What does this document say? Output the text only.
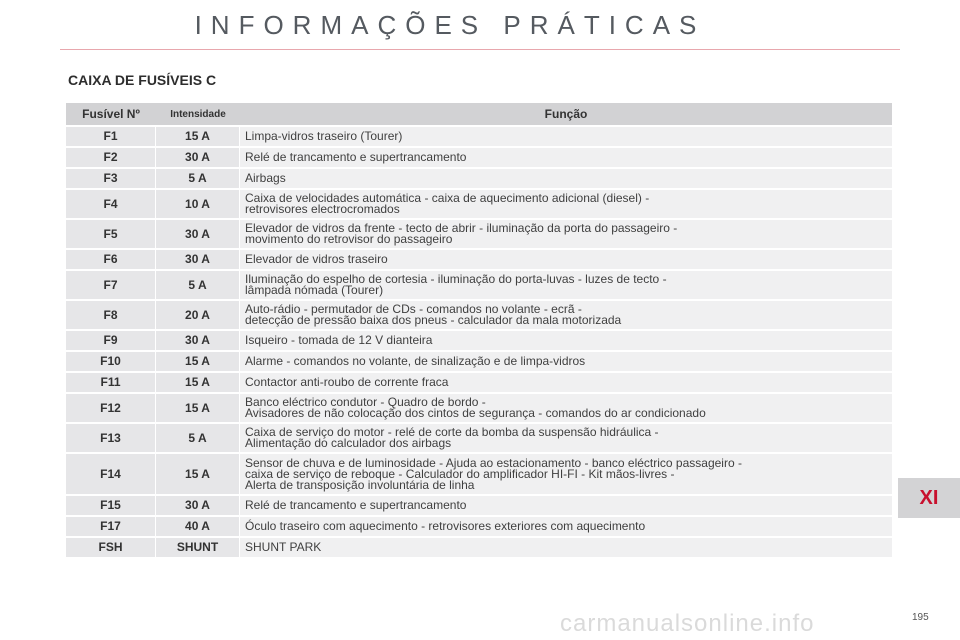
INFORMAÇÕES PRÁTICAS
CAIXA DE FUSÍVEIS C
Fusível Nº	Intensidade	Função
F1	15 A	Limpa-vidros traseiro (Tourer)

F2	30 A	Relé de trancamento e supertrancamento

F3	5 A	Airbags

F4	10 A	Caixa de velocidades automática - caixa de aquecimento adicional (diesel) -
retrovisores electrocromados

F5	30 A	Elevador de vidros da frente - tecto de abrir - iluminação da porta do passageiro -
movimento do retrovisor do passageiro

F6	30 A	Elevador de vidros traseiro

F7	5 A	Iluminação do espelho de cortesia - iluminação do porta-luvas - luzes de tecto -
lâmpada nómada (Tourer)

F8	20 A	Auto-rádio - permutador de CDs - comandos no volante - ecrã -
detecção de pressão baixa dos pneus - calculador da mala motorizada

F9	30 A	Isqueiro - tomada de 12 V dianteira

F10	15 A	Alarme - comandos no volante, de sinalização e de limpa-vidros

F11	15 A	Contactor anti-roubo de corrente fraca

F12	15 A	Banco eléctrico condutor - Quadro de bordo -
Avisadores de não colocação dos cintos de segurança - comandos do ar condicionado

F13	5 A	Caixa de serviço do motor - relé de corte da bomba da suspensão hidráulica -
Alimentação do calculador dos airbags

F14	15 A	Sensor de chuva e de luminosidade - Ajuda ao estacionamento - banco eléctrico passageiro -
caixa de serviço de reboque - Calculador do amplificador HI-FI - Kit mãos-livres -
Alerta de transposição involuntária de linha

F15	30 A	Relé de trancamento e supertrancamento

F17	40 A	Óculo traseiro com aquecimento - retrovisores exteriores com aquecimento

FSH	SHUNT	SHUNT PARK
XI
195
carmanualsonline.info
